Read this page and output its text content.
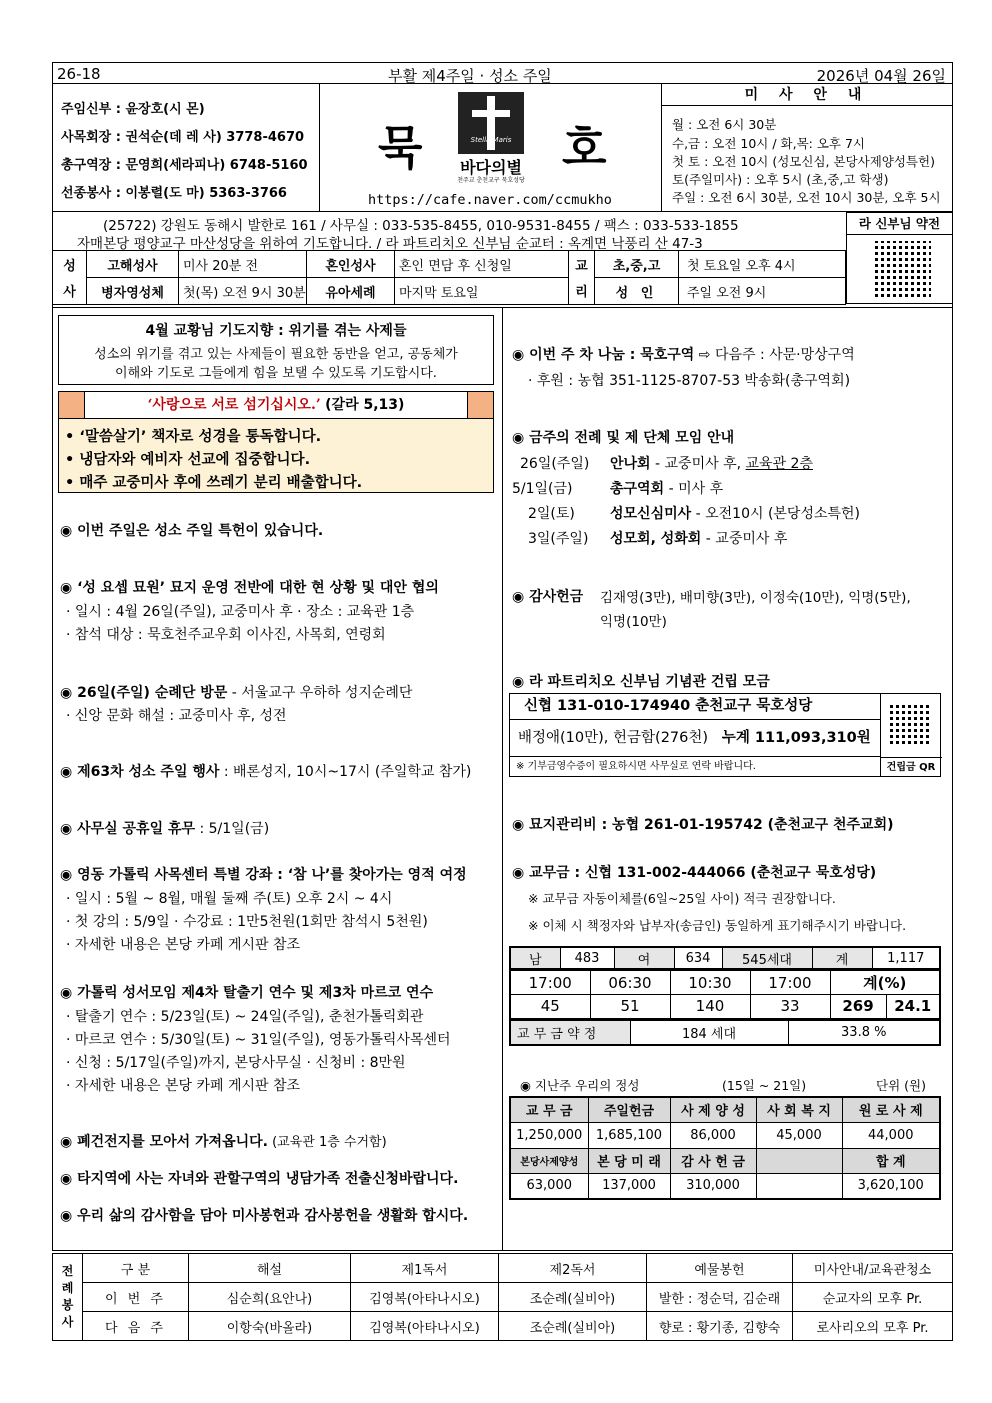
26-18	부활 제4주일 · 성소 주일	2026년 04월 26일
주임신부 : 윤장호(시 몬)
사목회장 : 권석순(데 레 사) 3778-4670
총구역장 : 문영희(세라피나) 6748-5160
선종봉사 : 이봉렬(도 마) 5363-3766
묵	호
Stella Maris
바다의별
천주교 춘천교구 묵호성당
https://cafe.naver.com/ccmukho
미 사 안 내
월 : 오전 6시 30분
수,금 : 오전 10시 / 화,목: 오후 7시
첫 토 : 오전 10시 (성모신심, 본당사제양성특헌)
토(주일미사) : 오후 5시 (초,중,고 학생)
주일 : 오전 6시 30분, 오전 10시 30분, 오후 5시
(25722) 강원도 동해시 발한로 161 / 사무실 : 033-535-8455, 010-9531-8455 / 팩스 : 033-533-1855
자매본당 평양교구 마산성당을 위하여 기도합니다. / 라 파트리치오 신부님 순교터 : 옥계면 낙풍리 산 47-3
라 신부님 약전
성	고해성사	미사 20분 전	혼인성사	혼인 면담 후 신청일	교	초,중,고	첫 토요일 오후 4시
사	병자영성체	첫(목) 오전 9시 30분	유아세례	마지막 토요일	리	성 인	주일 오전 9시
4월 교황님 기도지향 : 위기를 겪는 사제들
성소의 위기를 겪고 있는 사제들이 필요한 동반을 얻고, 공동체가
이해와 기도로 그들에게 힘을 보탤 수 있도록 기도합시다.
‘사랑으로 서로 섬기십시오.’ (갈라 5,13)
• ‘말씀살기’ 책자로 성경을 통독합니다.
• 냉담자와 예비자 선교에 집중합니다.
• 매주 교중미사 후에 쓰레기 분리 배출합니다.
◉ 이번 주일은 성소 주일 특헌이 있습니다.
◉ ‘성 요셉 묘원’ 묘지 운영 전반에 대한 현 상황 및 대안 협의
· 일시 : 4월 26일(주일), 교중미사 후 · 장소 : 교육관 1층
· 참석 대상 : 묵호천주교우회 이사진, 사목회, 연령회
◉ 26일(주일) 순례단 방문 - 서울교구 우하하 성지순례단
· 신앙 문화 해설 : 교중미사 후, 성전
◉ 제63차 성소 주일 행사 : 배론성지, 10시~17시 (주일학교 참가)
◉ 사무실 공휴일 휴무 : 5/1일(금)
◉ 영동 가톨릭 사목센터 특별 강좌 : ‘참 나’를 찾아가는 영적 여정
· 일시 : 5월 ~ 8월, 매월 둘째 주(토) 오후 2시 ~ 4시
· 첫 강의 : 5/9일 · 수강료 : 1만5천원(1회만 참석시 5천원)
· 자세한 내용은 본당 카페 게시판 참조
◉ 가톨릭 성서모임 제4차 탈출기 연수 및 제3차 마르코 연수
· 탈출기 연수 : 5/23일(토) ~ 24일(주일), 춘천가톨릭회관
· 마르코 연수 : 5/30일(토) ~ 31일(주일), 영동가톨릭사목센터
· 신청 : 5/17일(주일)까지, 본당사무실 · 신청비 : 8만원
· 자세한 내용은 본당 카페 게시판 참조
◉ 폐건전지를 모아서 가져옵니다. (교육관 1층 수거함)
◉ 타지역에 사는 자녀와 관할구역의 냉담가족 전출신청바랍니다.
◉ 우리 삶의 감사함을 담아 미사봉헌과 감사봉헌을 생활화 합시다.
◉ 이번 주 차 나눔 : 묵호구역 ⇨ 다음주 : 사문·망상구역
· 후원 : 농협 351-1125-8707-53 박송화(총구역회)
◉ 금주의 전례 및 제 단체 모임 안내
26일(주일) 안나회 - 교중미사 후, 교육관 2층
5/1일(금)	총구역회 - 미사 후
2일(토)	성모신심미사 - 오전10시 (본당성소특헌)
3일(주일) 성모회, 성화회 - 교중미사 후
◉ 감사헌금 김재영(3만), 배미향(3만), 이정숙(10만), 익명(5만),
익명(10만)
◉ 라 파트리치오 신부님 기념관 건립 모금
신협 131-010-174940 춘천교구 묵호성당
배정애(10만), 헌금함(276천) 누계 111,093,310원
※ 기부금영수증이 필요하시면 사무실로 연락 바랍니다.	건립금 QR
◉ 묘지관리비 : 농협 261-01-195742 (춘천교구 천주교회)
◉ 교무금 : 신협 131-002-444066 (춘천교구 묵호성당)
※ 교무금 자동이체를(6일~25일 사이) 적극 권장합니다.
※ 이체 시 책정자와 납부자(송금인) 동일하게 표기해주시기 바랍니다.
남	483	여	634	545세대	계	1,117
17:00	06:30	10:30	17:00	계(%)	
45	51	140	33	269	24.1
교 무 금 약 정	184 세대	33.8 %
◉ 지난주 우리의 정성	(15일 ~ 21일)	단위 (원)
교 무 금	주일헌금	사 제 양 성	사 회 복 지	원 로 사 제
1,250,000	1,685,100	86,000	45,000	44,000
본당사제양성	본 당 미 래	감 사 헌 금		합 계
63,000	137,000	310,000		3,620,100
전
례
봉
사	구 분	해설	제1독서	제2독서	예물봉헌	미사안내/교육관청소
	이 번 주	심순희(요안나)	김영복(아타나시오)	조순례(실비아)	발한 : 정순덕, 김순래	순교자의 모후 Pr.
	다 음 주	이항숙(바올라)	김영복(아타나시오)	조순례(실비아)	향로 : 황기종, 김향숙	로사리오의 모후 Pr.
